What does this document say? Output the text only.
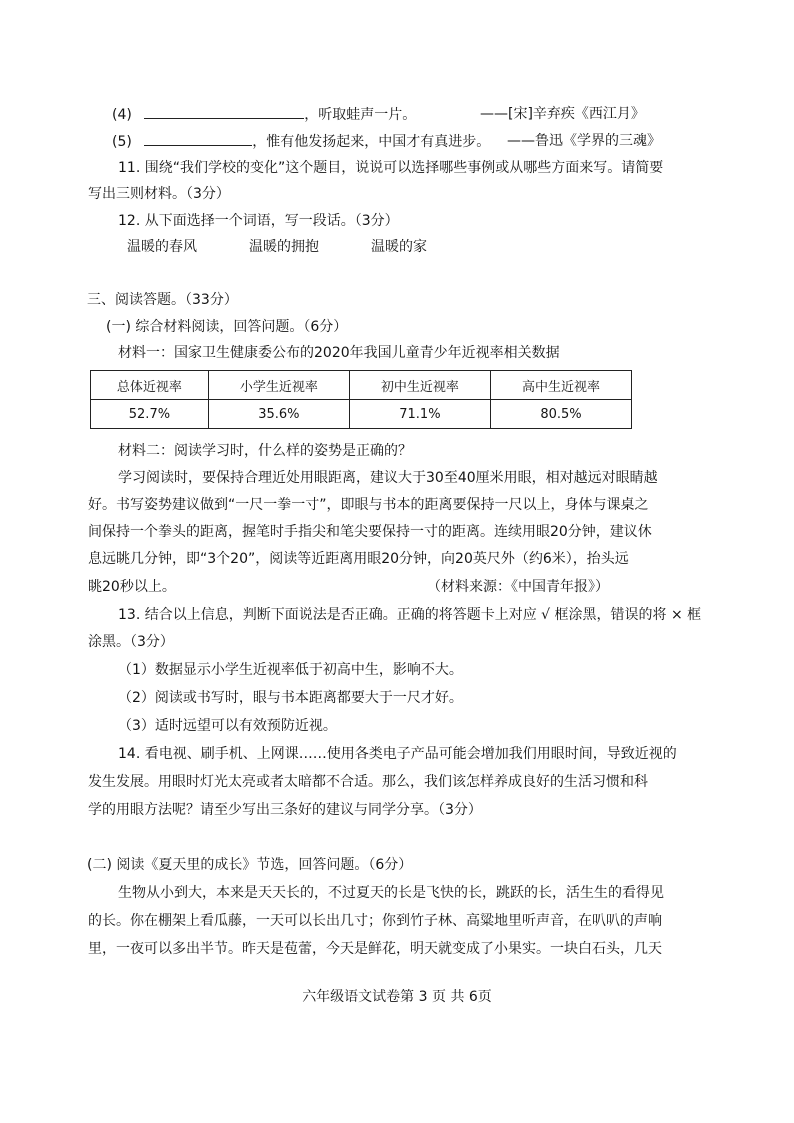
(4)	，听取蛙声一片。	——[宋]辛弃疾《西江月》
(5)	，惟有他发扬起来，中国才有真进步。 ——鲁迅《学界的三魂》
11. 围绕“我们学校的变化”这个题目，说说可以选择哪些事例或从哪些方面来写。请简要
写出三则材料。（3分）
12. 从下面选择一个词语，写一段话。（3分）
温暖的春风	温暖的拥抱	温暖的家
三、阅读答题。（33分）
(一) 综合材料阅读，回答问题。（6分）
材料一：国家卫生健康委公布的2020年我国儿童青少年近视率相关数据
总体近视率	小学生近视率	初中生近视率	高中生近视率
52.7%	35.6%	71.1%	80.5%
材料二：阅读学习时，什么样的姿势是正确的？
学习阅读时，要保持合理近处用眼距离，建议大于30至40厘米用眼，相对越远对眼睛越
好。书写姿势建议做到“一尺一拳一寸”，即眼与书本的距离要保持一尺以上，身体与课桌之
间保持一个拳头的距离，握笔时手指尖和笔尖要保持一寸的距离。连续用眼20分钟，建议休
息远眺几分钟，即“3个20”，阅读等近距离用眼20分钟，向20英尺外（约6米），抬头远
眺20秒以上。	（材料来源：《中国青年报》）
13. 结合以上信息，判断下面说法是否正确。正确的将答题卡上对应 √ 框涂黑，错误的将 × 框
涂黑。（3分）
（1）数据显示小学生近视率低于初高中生，影响不大。
（2）阅读或书写时，眼与书本距离都要大于一尺才好。
（3）适时远望可以有效预防近视。
14. 看电视、刷手机、上网课……使用各类电子产品可能会增加我们用眼时间，导致近视的
发生发展。用眼时灯光太亮或者太暗都不合适。那么，我们该怎样养成良好的生活习惯和科
学的用眼方法呢？请至少写出三条好的建议与同学分享。（3分）
(二) 阅读《夏天里的成长》节选，回答问题。（6分）
生物从小到大，本来是天天长的，不过夏天的长是飞快的长，跳跃的长，活生生的看得见
的长。你在棚架上看瓜藤，一天可以长出几寸；你到竹子林、高粱地里听声音，在叭叭的声响
里，一夜可以多出半节。昨天是苞蕾，今天是鲜花，明天就变成了小果实。一块白石头，几天
六年级语文试卷第 3 页 共 6页
